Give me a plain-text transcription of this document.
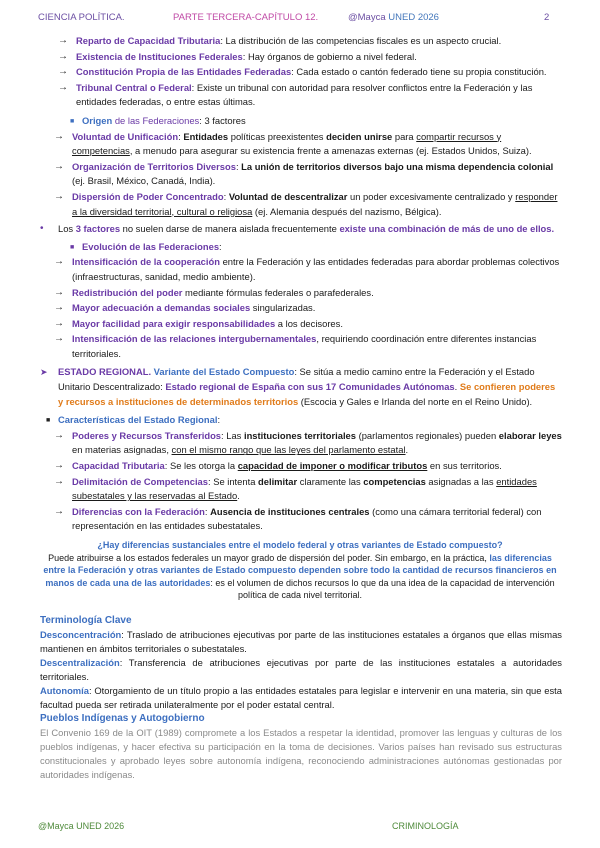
CIENCIA POLÍTICA.	PARTE TERCERA-CAPÍTULO 12.	@Mayca UNED 2026	2
→ Reparto de Capacidad Tributaria: La distribución de las competencias fiscales es un aspecto crucial.
→ Existencia de Instituciones Federales: Hay órganos de gobierno a nivel federal.
→ Constitución Propia de las Entidades Federadas: Cada estado o cantón federado tiene su propia constitución.
→ Tribunal Central o Federal: Existe un tribunal con autoridad para resolver conflictos entre la Federación y las entidades federadas, o entre estas últimas.
■ Origen de las Federaciones: 3 factores
→ Voluntad de Unificación: Entidades políticas preexistentes deciden unirse para compartir recursos y competencias, a menudo para asegurar su existencia frente a amenazas externas (ej. Estados Unidos, Suiza).
→ Organización de Territorios Diversos: La unión de territorios diversos bajo una misma dependencia colonial (ej. Brasil, México, Canadá, India).
→ Dispersión de Poder Concentrado: Voluntad de descentralizar un poder excesivamente centralizado y responder a la diversidad territorial, cultural o religiosa (ej. Alemania después del nazismo, Bélgica).
• Los 3 factores no suelen darse de manera aislada frecuentemente existe una combinación de más de uno de ellos.
■ Evolución de las Federaciones:
→ Intensificación de la cooperación entre la Federación y las entidades federadas para abordar problemas colectivos (infraestructuras, sanidad, medio ambiente).
→ Redistribución del poder mediante fórmulas federales o parafederales.
→ Mayor adecuación a demandas sociales singularizadas.
→ Mayor facilidad para exigir responsabilidades a los decisores.
→ Intensificación de las relaciones intergubernamentales, requiriendo coordinación entre diferentes instancias territoriales.
➤ ESTADO REGIONAL. Variante del Estado Compuesto: Se sitúa a medio camino entre la Federación y el Estado Unitario Descentralizado: Estado regional de España con sus 17 Comunidades Autónomas. Se confieren poderes y recursos a instituciones de determinados territorios (Escocia y Gales e Irlanda del norte en el Reino Unido).
■ Características del Estado Regional:
→ Poderes y Recursos Transferidos: Las instituciones territoriales (parlamentos regionales) pueden elaborar leyes en materias asignadas, con el mismo rango que las leyes del parlamento estatal.
→ Capacidad Tributaria: Se les otorga la capacidad de imponer o modificar tributos en sus territorios.
→ Delimitación de Competencias: Se intenta delimitar claramente las competencias asignadas a las entidades subestatales y las reservadas al Estado.
→ Diferencias con la Federación: Ausencia de instituciones centrales (como una cámara territorial federal) con representación en las entidades subestatales.
¿Hay diferencias sustanciales entre el modelo federal y otras variantes de Estado compuesto?
Puede atribuirse a los estados federales un mayor grado de dispersión del poder. Sin embargo, en la práctica, las diferencias entre la Federación y otras variantes de Estado compuesto dependen sobre todo la cantidad de recursos financieros en manos de cada una de las autoridades: es el volumen de dichos recursos lo que da una idea de la capacidad de intervención política de cada nivel territorial.
Terminología Clave
Desconcentración: Traslado de atribuciones ejecutivas por parte de las instituciones estatales a órganos que ellas mismas mantienen en ámbitos territoriales o subestatales.
Descentralización: Transferencia de atribuciones ejecutivas por parte de las instituciones estatales a autoridades territoriales.
Autonomía: Otorgamiento de un título propio a las entidades estatales para legislar e intervenir en una materia, sin que esta facultad pueda ser retirada unilateralmente por el poder estatal central.
Pueblos Indígenas y Autogobierno
El Convenio 169 de la OIT (1989) compromete a los Estados a respetar la identidad, promover las lenguas y culturas de los pueblos indígenas, y hacer efectiva su participación en la toma de decisiones. Varios países han revisado sus estructuras constitucionales y aprobado leyes sobre autonomía indígena, reconociendo administraciones autónomas gestionadas por autoridades indígenas.
@Mayca UNED 2026	CRIMINOLOGÍA
